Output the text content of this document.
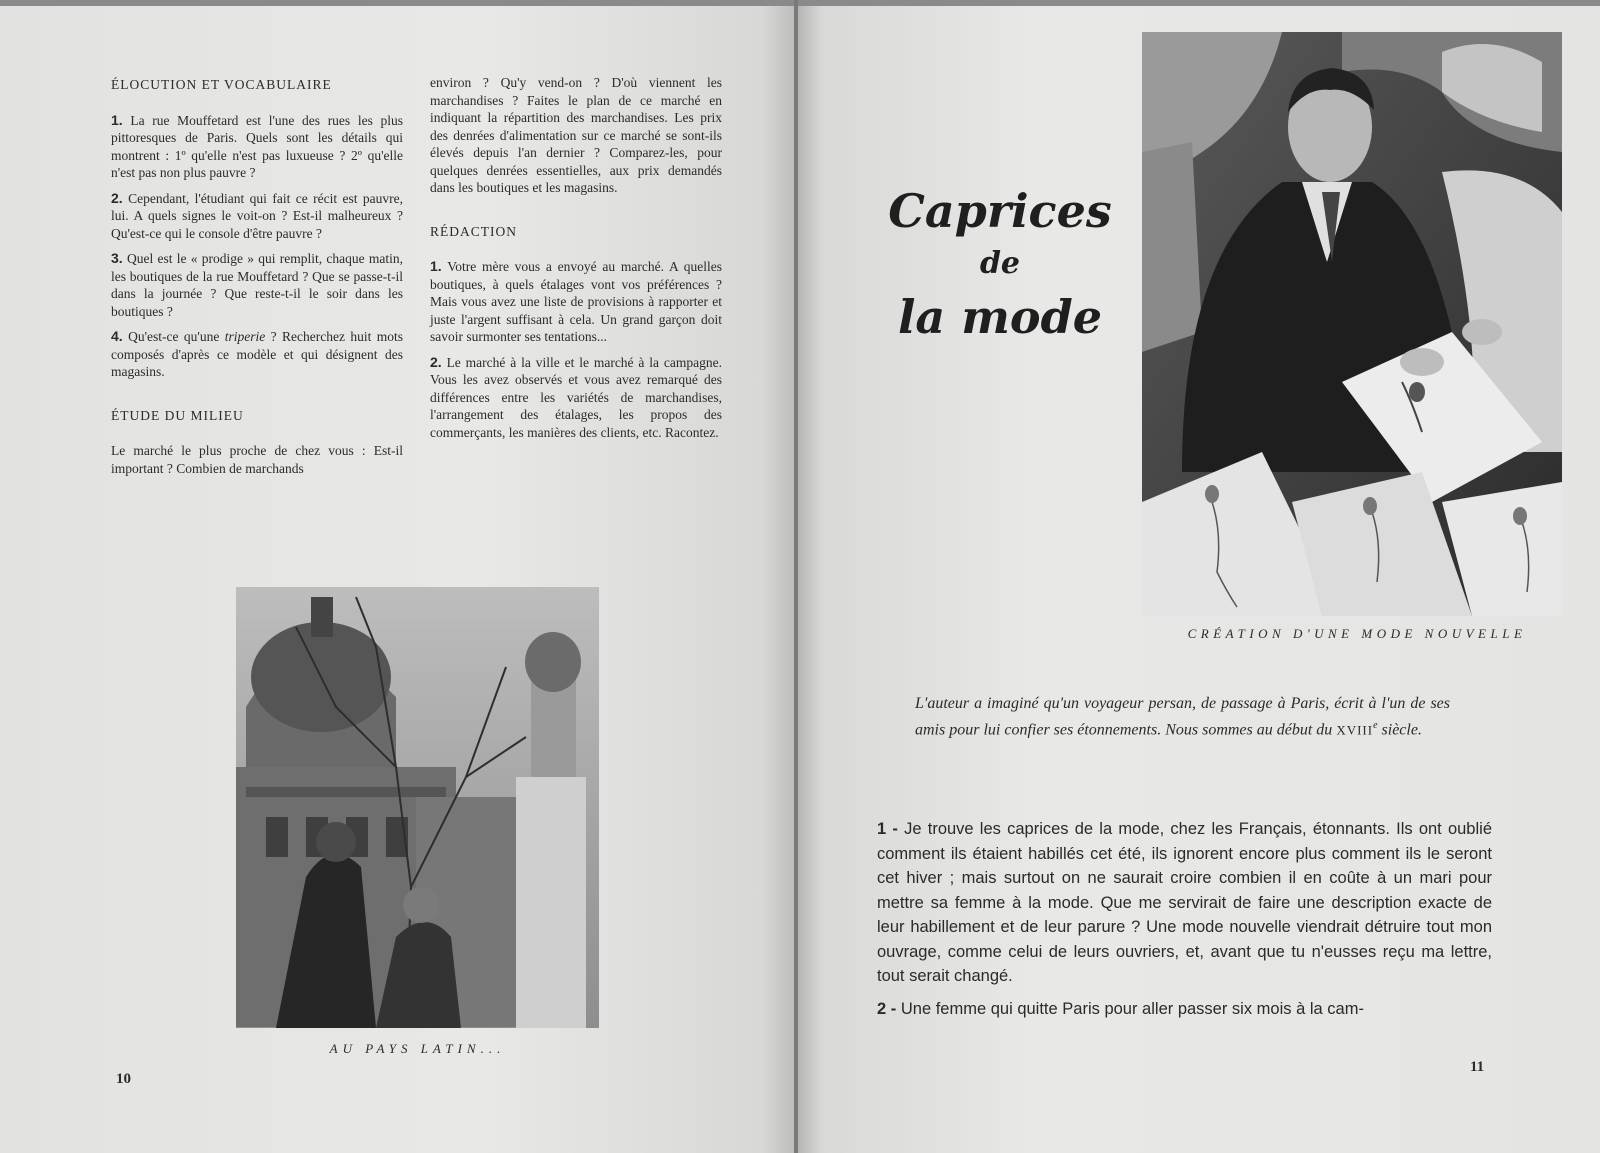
ÉLOCUTION ET VOCABULAIRE

1. La rue Mouffetard est l'une des rues les plus pittoresques de Paris. Quels sont les détails qui montrent : 1º qu'elle n'est pas luxueuse ? 2º qu'elle n'est pas non plus pauvre ?

2. Cependant, l'étudiant qui fait ce récit est pauvre, lui. A quels signes le voit-on ? Est-il malheureux ? Qu'est-ce qui le console d'être pauvre ?

3. Quel est le « prodige » qui remplit, chaque matin, les boutiques de la rue Mouffetard ? Que se passe-t-il dans la journée ? Que reste-t-il le soir dans les boutiques ?

4. Qu'est-ce qu'une triperie ? Recherchez huit mots composés d'après ce modèle et qui désignent des magasins.

ÉTUDE DU MILIEU

Le marché le plus proche de chez vous : Est-il important ? Combien de marchands

environ ? Qu'y vend-on ? D'où viennent les marchandises ? Faites le plan de ce marché en indiquant la répartition des marchandises. Les prix des denrées d'alimentation sur ce marché se sont-ils élevés depuis l'an dernier ? Comparez-les, pour quelques denrées essentielles, aux prix demandés dans les boutiques et les magasins.

RÉDACTION

1. Votre mère vous a envoyé au marché. A quelles boutiques, à quels étalages vont vos préférences ? Mais vous avez une liste de provisions à rapporter et juste l'argent suffisant à cela. Un grand garçon doit savoir surmonter ses tentations...

2. Le marché à la ville et le marché à la campagne. Vous les avez observés et vous avez remarqué des différences entre les variétés de marchandises, l'arrangement des étalages, les propos des commerçants, les manières des clients, etc. Racontez.

AU PAYS LATIN...
10
Caprices
de
la mode
CRÉATION D'UNE MODE NOUVELLE
L'auteur a imaginé qu'un voyageur persan, de passage à Paris, écrit à l'un de ses amis pour lui confier ses étonnements. Nous sommes au début du XVIIIe siècle.

1 - Je trouve les caprices de la mode, chez les Français, étonnants. Ils ont oublié comment ils étaient habillés cet été, ils ignorent encore plus comment ils le seront cet hiver ; mais surtout on ne saurait croire combien il en coûte à un mari pour mettre sa femme à la mode. Que me servirait de faire une description exacte de leur habillement et de leur parure ? Une mode nouvelle viendrait détruire tout mon ouvrage, comme celui de leurs ouvriers, et, avant que tu n'eusses reçu ma lettre, tout serait changé.

2 - Une femme qui quitte Paris pour aller passer six mois à la cam-

11
